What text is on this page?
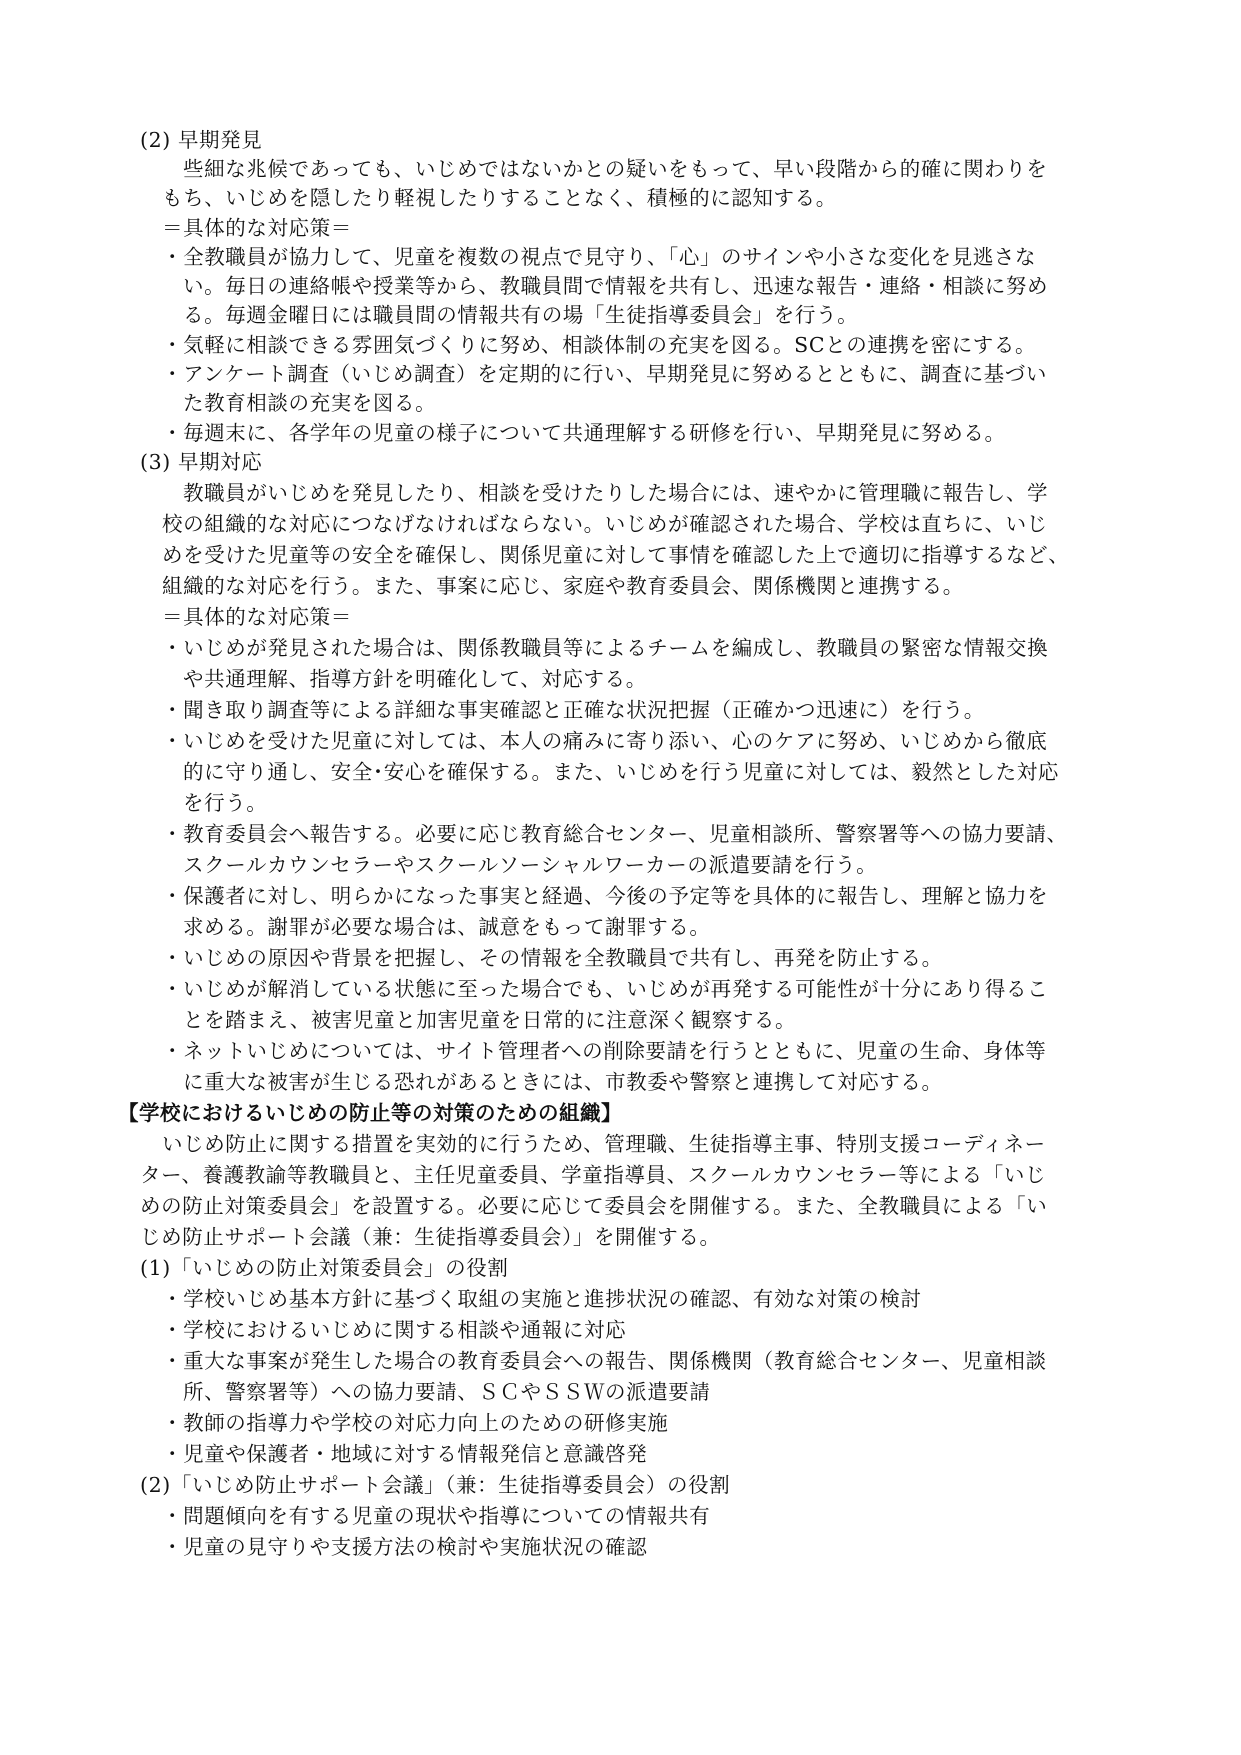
(2) 早期発見
些細な兆候であっても、いじめではないかとの疑いをもって、早い段階から的確に関わりを
もち、いじめを隠したり軽視したりすることなく、積極的に認知する。
＝具体的な対応策＝
・全教職員が協力して、児童を複数の視点で見守り、「心」のサインや小さな変化を見逃さな
い。毎日の連絡帳や授業等から、教職員間で情報を共有し、迅速な報告・連絡・相談に努め
る。毎週金曜日には職員間の情報共有の場「生徒指導委員会」を行う。
・気軽に相談できる雰囲気づくりに努め、相談体制の充実を図る。SCとの連携を密にする。
・アンケート調査（いじめ調査）を定期的に行い、早期発見に努めるとともに、調査に基づい
た教育相談の充実を図る。
・毎週末に、各学年の児童の様子について共通理解する研修を行い、早期発見に努める。
(3) 早期対応
教職員がいじめを発見したり、相談を受けたりした場合には、速やかに管理職に報告し、学
校の組織的な対応につなげなければならない。いじめが確認された場合、学校は直ちに、いじ
めを受けた児童等の安全を確保し、関係児童に対して事情を確認した上で適切に指導するなど、
組織的な対応を行う。また、事案に応じ、家庭や教育委員会、関係機関と連携する。
＝具体的な対応策＝
・いじめが発見された場合は、関係教職員等によるチームを編成し、教職員の緊密な情報交換
や共通理解、指導方針を明確化して、対応する。
・聞き取り調査等による詳細な事実確認と正確な状況把握（正確かつ迅速に）を行う。
・いじめを受けた児童に対しては、本人の痛みに寄り添い、心のケアに努め、いじめから徹底
的に守り通し、安全･安心を確保する。また、いじめを行う児童に対しては、毅然とした対応
を行う。
・教育委員会へ報告する。必要に応じ教育総合センター、児童相談所、警察署等への協力要請、
スクールカウンセラーやスクールソーシャルワーカーの派遣要請を行う。
・保護者に対し、明らかになった事実と経過、今後の予定等を具体的に報告し、理解と協力を
求める。謝罪が必要な場合は、誠意をもって謝罪する。
・いじめの原因や背景を把握し、その情報を全教職員で共有し、再発を防止する。
・いじめが解消している状態に至った場合でも、いじめが再発する可能性が十分にあり得るこ
とを踏まえ、被害児童と加害児童を日常的に注意深く観察する。
・ネットいじめについては、サイト管理者への削除要請を行うとともに、児童の生命、身体等
に重大な被害が生じる恐れがあるときには、市教委や警察と連携して対応する。
【学校におけるいじめの防止等の対策のための組織】
いじめ防止に関する措置を実効的に行うため、管理職、生徒指導主事、特別支援コーディネー
ター、養護教諭等教職員と、主任児童委員、学童指導員、スクールカウンセラー等による「いじ
めの防止対策委員会」を設置する。必要に応じて委員会を開催する。また、全教職員による「い
じめ防止サポート会議（兼：生徒指導委員会）」を開催する。
(1)「いじめの防止対策委員会」の役割
・学校いじめ基本方針に基づく取組の実施と進捗状況の確認、有効な対策の検討
・学校におけるいじめに関する相談や通報に対応
・重大な事案が発生した場合の教育委員会への報告、関係機関（教育総合センター、児童相談
所、警察署等）への協力要請、ＳＣやＳＳＷの派遣要請
・教師の指導力や学校の対応力向上のための研修実施
・児童や保護者・地域に対する情報発信と意識啓発
(2)「いじめ防止サポート会議」（兼：生徒指導委員会）の役割
・問題傾向を有する児童の現状や指導についての情報共有
・児童の見守りや支援方法の検討や実施状況の確認
